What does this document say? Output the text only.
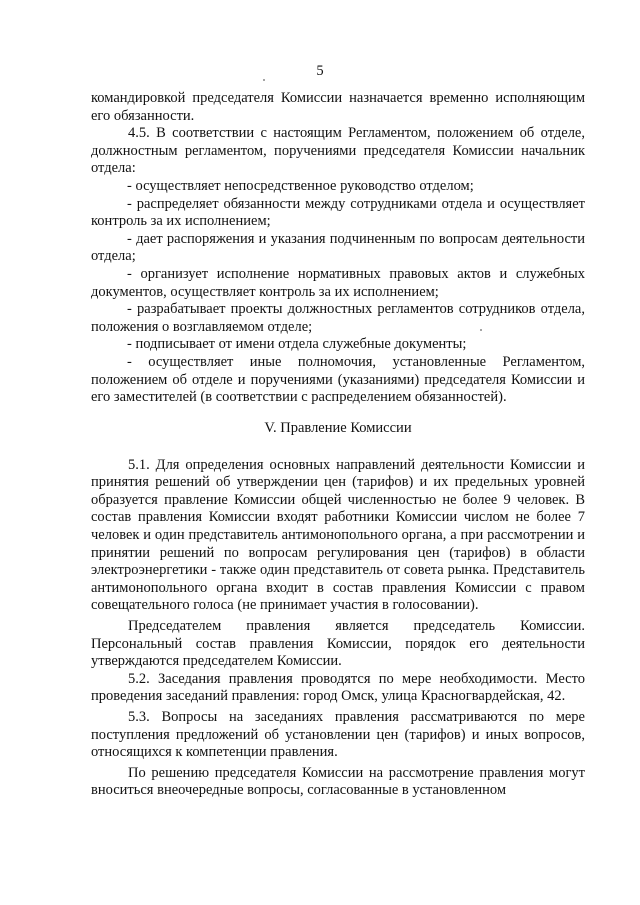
5

командировкой председателя Комиссии назначается временно исполняющим его обязанности.

4.5. В соответствии с настоящим Регламентом, положением об отделе, должностным регламентом, поручениями председателя Комиссии начальник отдела:

- осуществляет непосредственное руководство отделом;

- распределяет обязанности между сотрудниками отдела и осуществляет контроль за их исполнением;

- дает распоряжения и указания подчиненным по вопросам деятельности отдела;

- организует исполнение нормативных правовых актов и служебных документов, осуществляет контроль за их исполнением;

- разрабатывает проекты должностных регламентов сотрудников отдела, положения о возглавляемом отделе;

- подписывает от имени отдела служебные документы;

- осуществляет иные полномочия, установленные Регламентом, положением об отделе и поручениями (указаниями) председателя Комиссии и его заместителей (в соответствии с распределением обязанностей).

V. Правление Комиссии

5.1. Для определения основных направлений деятельности Комиссии и принятия решений об утверждении цен (тарифов) и их предельных уровней образуется правление Комиссии общей численностью не более 9 человек. В состав правления Комиссии входят работники Комиссии числом не более 7 человек и один представитель антимонопольного органа, а при рассмотрении и принятии решений по вопросам регулирования цен (тарифов) в области электроэнергетики - также один представитель от совета рынка. Представитель антимонопольного органа входит в состав правления Комиссии с правом совещательного голоса (не принимает участия в голосовании).

Председателем правления является председатель Комиссии. Персональный состав правления Комиссии, порядок его деятельности утверждаются председателем Комиссии.

5.2. Заседания правления проводятся по мере необходимости. Место проведения заседаний правления: город Омск, улица Красногвардейская, 42.

5.3. Вопросы на заседаниях правления рассматриваются по мере поступления предложений об установлении цен (тарифов) и иных вопросов, относящихся к компетенции правления.

По решению председателя Комиссии на рассмотрение правления могут вноситься внеочередные вопросы, согласованные в установленном
